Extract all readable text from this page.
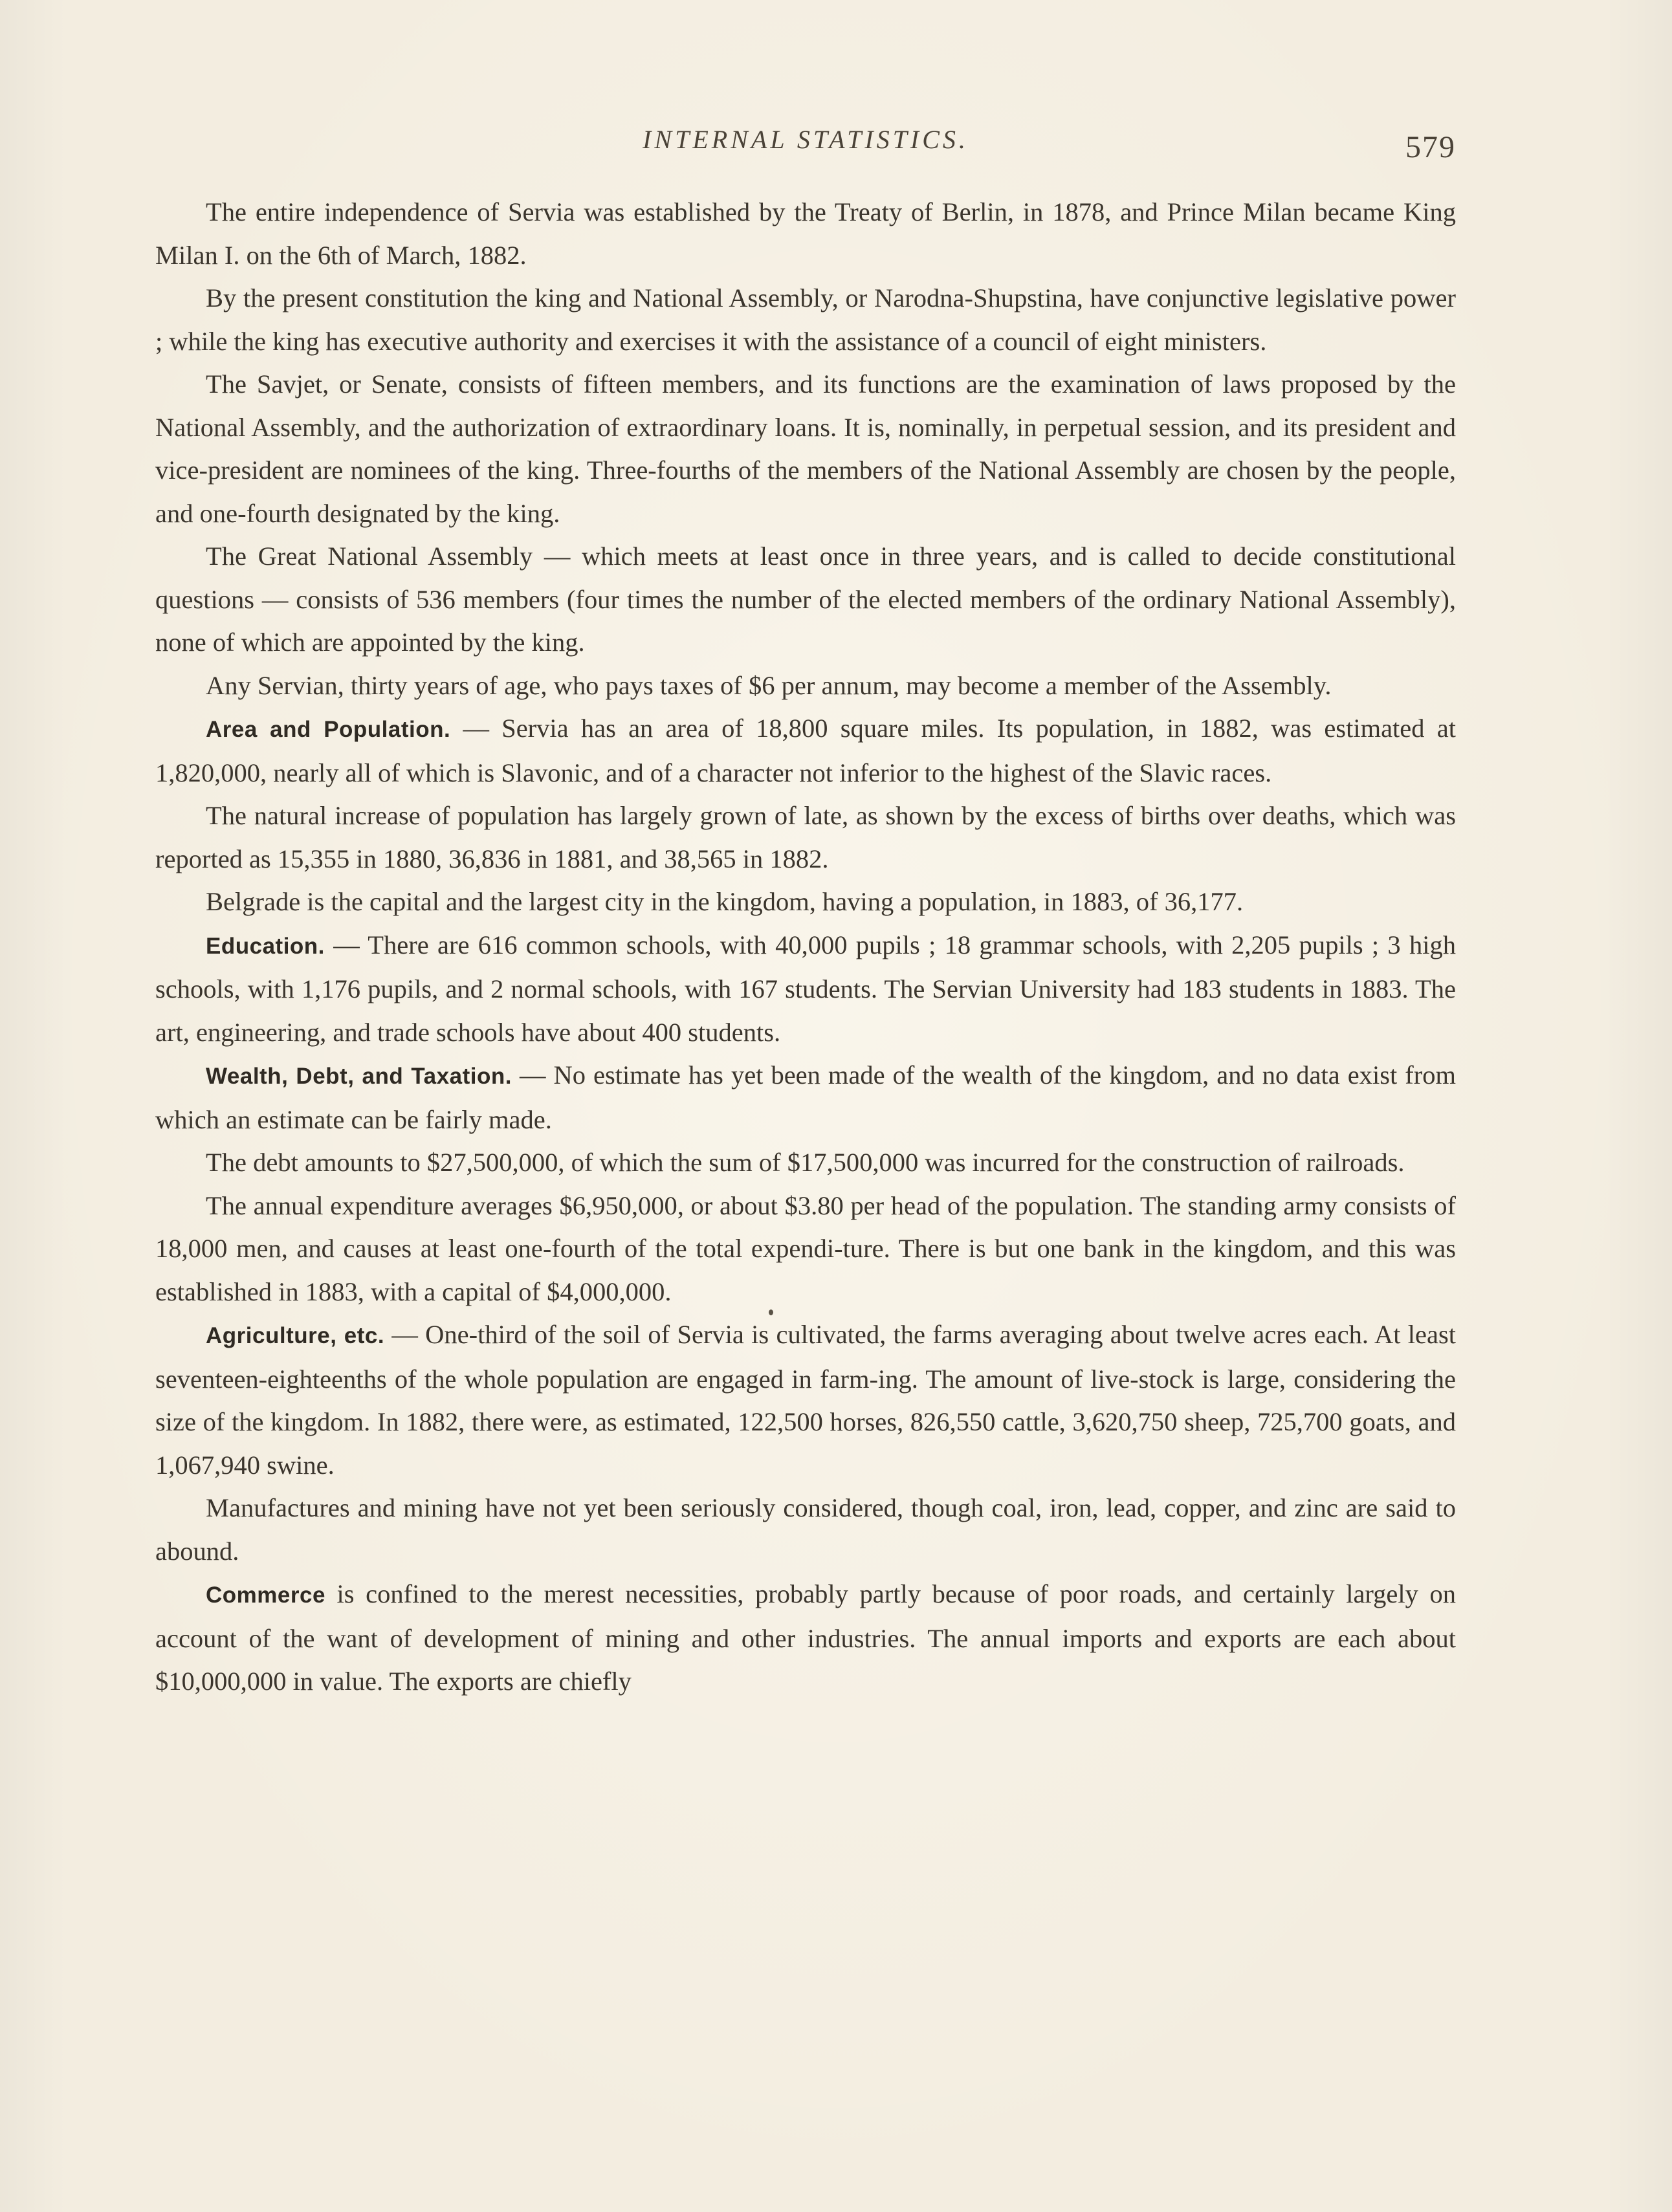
INTERNAL STATISTICS.	579

The entire independence of Servia was established by the Treaty of Berlin, in 1878, and Prince Milan became King Milan I. on the 6th of March, 1882.

By the present constitution the king and National Assembly, or Narodna-Shupstina, have conjunctive legislative power ; while the king has executive authority and exercises it with the assistance of a council of eight ministers.

The Savjet, or Senate, consists of fifteen members, and its functions are the examination of laws proposed by the National Assembly, and the authorization of extraordinary loans. It is, nominally, in perpetual session, and its president and vice-president are nominees of the king. Three-fourths of the members of the National Assembly are chosen by the people, and one-fourth designated by the king.

The Great National Assembly — which meets at least once in three years, and is called to decide constitutional questions — consists of 536 members (four times the number of the elected members of the ordinary National Assembly), none of which are appointed by the king.

Any Servian, thirty years of age, who pays taxes of $6 per annum, may become a member of the Assembly.

Area and Population. — Servia has an area of 18,800 square miles. Its population, in 1882, was estimated at 1,820,000, nearly all of which is Slavonic, and of a character not inferior to the highest of the Slavic races.

The natural increase of population has largely grown of late, as shown by the excess of births over deaths, which was reported as 15,355 in 1880, 36,836 in 1881, and 38,565 in 1882.

Belgrade is the capital and the largest city in the kingdom, having a population, in 1883, of 36,177.

Education. — There are 616 common schools, with 40,000 pupils ; 18 grammar schools, with 2,205 pupils ; 3 high schools, with 1,176 pupils, and 2 normal schools, with 167 students. The Servian University had 183 students in 1883. The art, engineering, and trade schools have about 400 students.

Wealth, Debt, and Taxation. — No estimate has yet been made of the wealth of the kingdom, and no data exist from which an estimate can be fairly made.

The debt amounts to $27,500,000, of which the sum of $17,500,000 was incurred for the construction of railroads.

The annual expenditure averages $6,950,000, or about $3.80 per head of the population. The standing army consists of 18,000 men, and causes at least one-fourth of the total expendi-ture. There is but one bank in the kingdom, and this was established in 1883, with a capital of $4,000,000.

Agriculture, etc. — One-third of the soil of Servia is cultivated, the farms averaging about twelve acres each. At least seventeen-eighteenths of the whole population are engaged in farm-ing. The amount of live-stock is large, considering the size of the kingdom. In 1882, there were, as estimated, 122,500 horses, 826,550 cattle, 3,620,750 sheep, 725,700 goats, and 1,067,940 swine.

Manufactures and mining have not yet been seriously considered, though coal, iron, lead, copper, and zinc are said to abound.

Commerce is confined to the merest necessities, probably partly because of poor roads, and certainly largely on account of the want of development of mining and other industries. The annual imports and exports are each about $10,000,000 in value. The exports are chiefly
